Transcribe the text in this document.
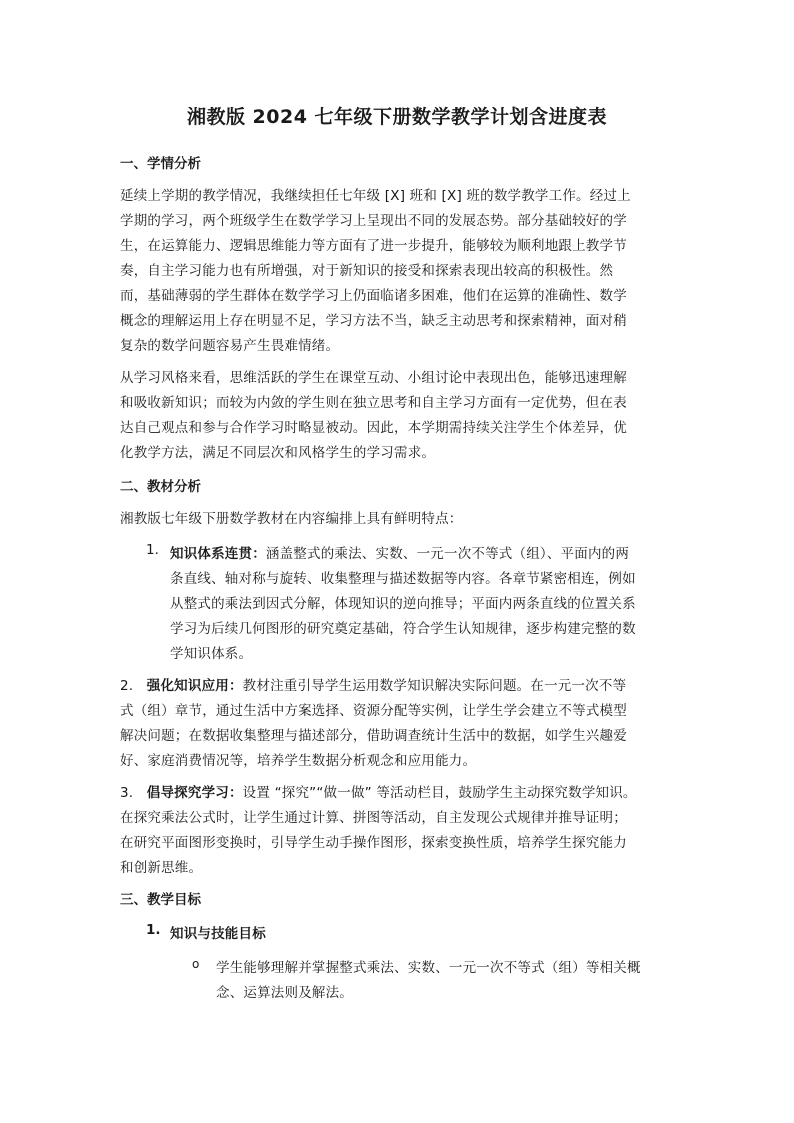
湘教版 2024 七年级下册数学教学计划含进度表
一、学情分析
延续上学期的教学情况，我继续担任七年级 [X] 班和 [X] 班的数学教学工作。经过上
学期的学习，两个班级学生在数学学习上呈现出不同的发展态势。部分基础较好的学
生，在运算能力、逻辑思维能力等方面有了进一步提升，能够较为顺利地跟上教学节
奏，自主学习能力也有所增强，对于新知识的接受和探索表现出较高的积极性。然
而，基础薄弱的学生群体在数学学习上仍面临诸多困难，他们在运算的准确性、数学
概念的理解运用上存在明显不足，学习方法不当，缺乏主动思考和探索精神，面对稍
复杂的数学问题容易产生畏难情绪。
从学习风格来看，思维活跃的学生在课堂互动、小组讨论中表现出色，能够迅速理解
和吸收新知识；而较为内敛的学生则在独立思考和自主学习方面有一定优势，但在表
达自己观点和参与合作学习时略显被动。因此，本学期需持续关注学生个体差异，优
化教学方法，满足不同层次和风格学生的学习需求。
二、教材分析
湘教版七年级下册数学教材在内容编排上具有鲜明特点：
1. 知识体系连贯：涵盖整式的乘法、实数、一元一次不等式（组）、平面内的两
条直线、轴对称与旋转、收集整理与描述数据等内容。各章节紧密相连，例如
从整式的乘法到因式分解，体现知识的逆向推导；平面内两条直线的位置关系
学习为后续几何图形的研究奠定基础，符合学生认知规律，逐步构建完整的数
学知识体系。
2. 强化知识应用：教材注重引导学生运用数学知识解决实际问题。在一元一次不等
式（组）章节，通过生活中方案选择、资源分配等实例，让学生学会建立不等式模型
解决问题；在数据收集整理与描述部分，借助调查统计生活中的数据，如学生兴趣爱
好、家庭消费情况等，培养学生数据分析观念和应用能力。
3. 倡导探究学习：设置 “探究”“做一做” 等活动栏目，鼓励学生主动探究数学知识。
在探究乘法公式时，让学生通过计算、拼图等活动，自主发现公式规律并推导证明；
在研究平面图形变换时，引导学生动手操作图形，探索变换性质，培养学生探究能力
和创新思维。
三、教学目标
1. 知识与技能目标
o 学生能够理解并掌握整式乘法、实数、一元一次不等式（组）等相关概
念、运算法则及解法。
